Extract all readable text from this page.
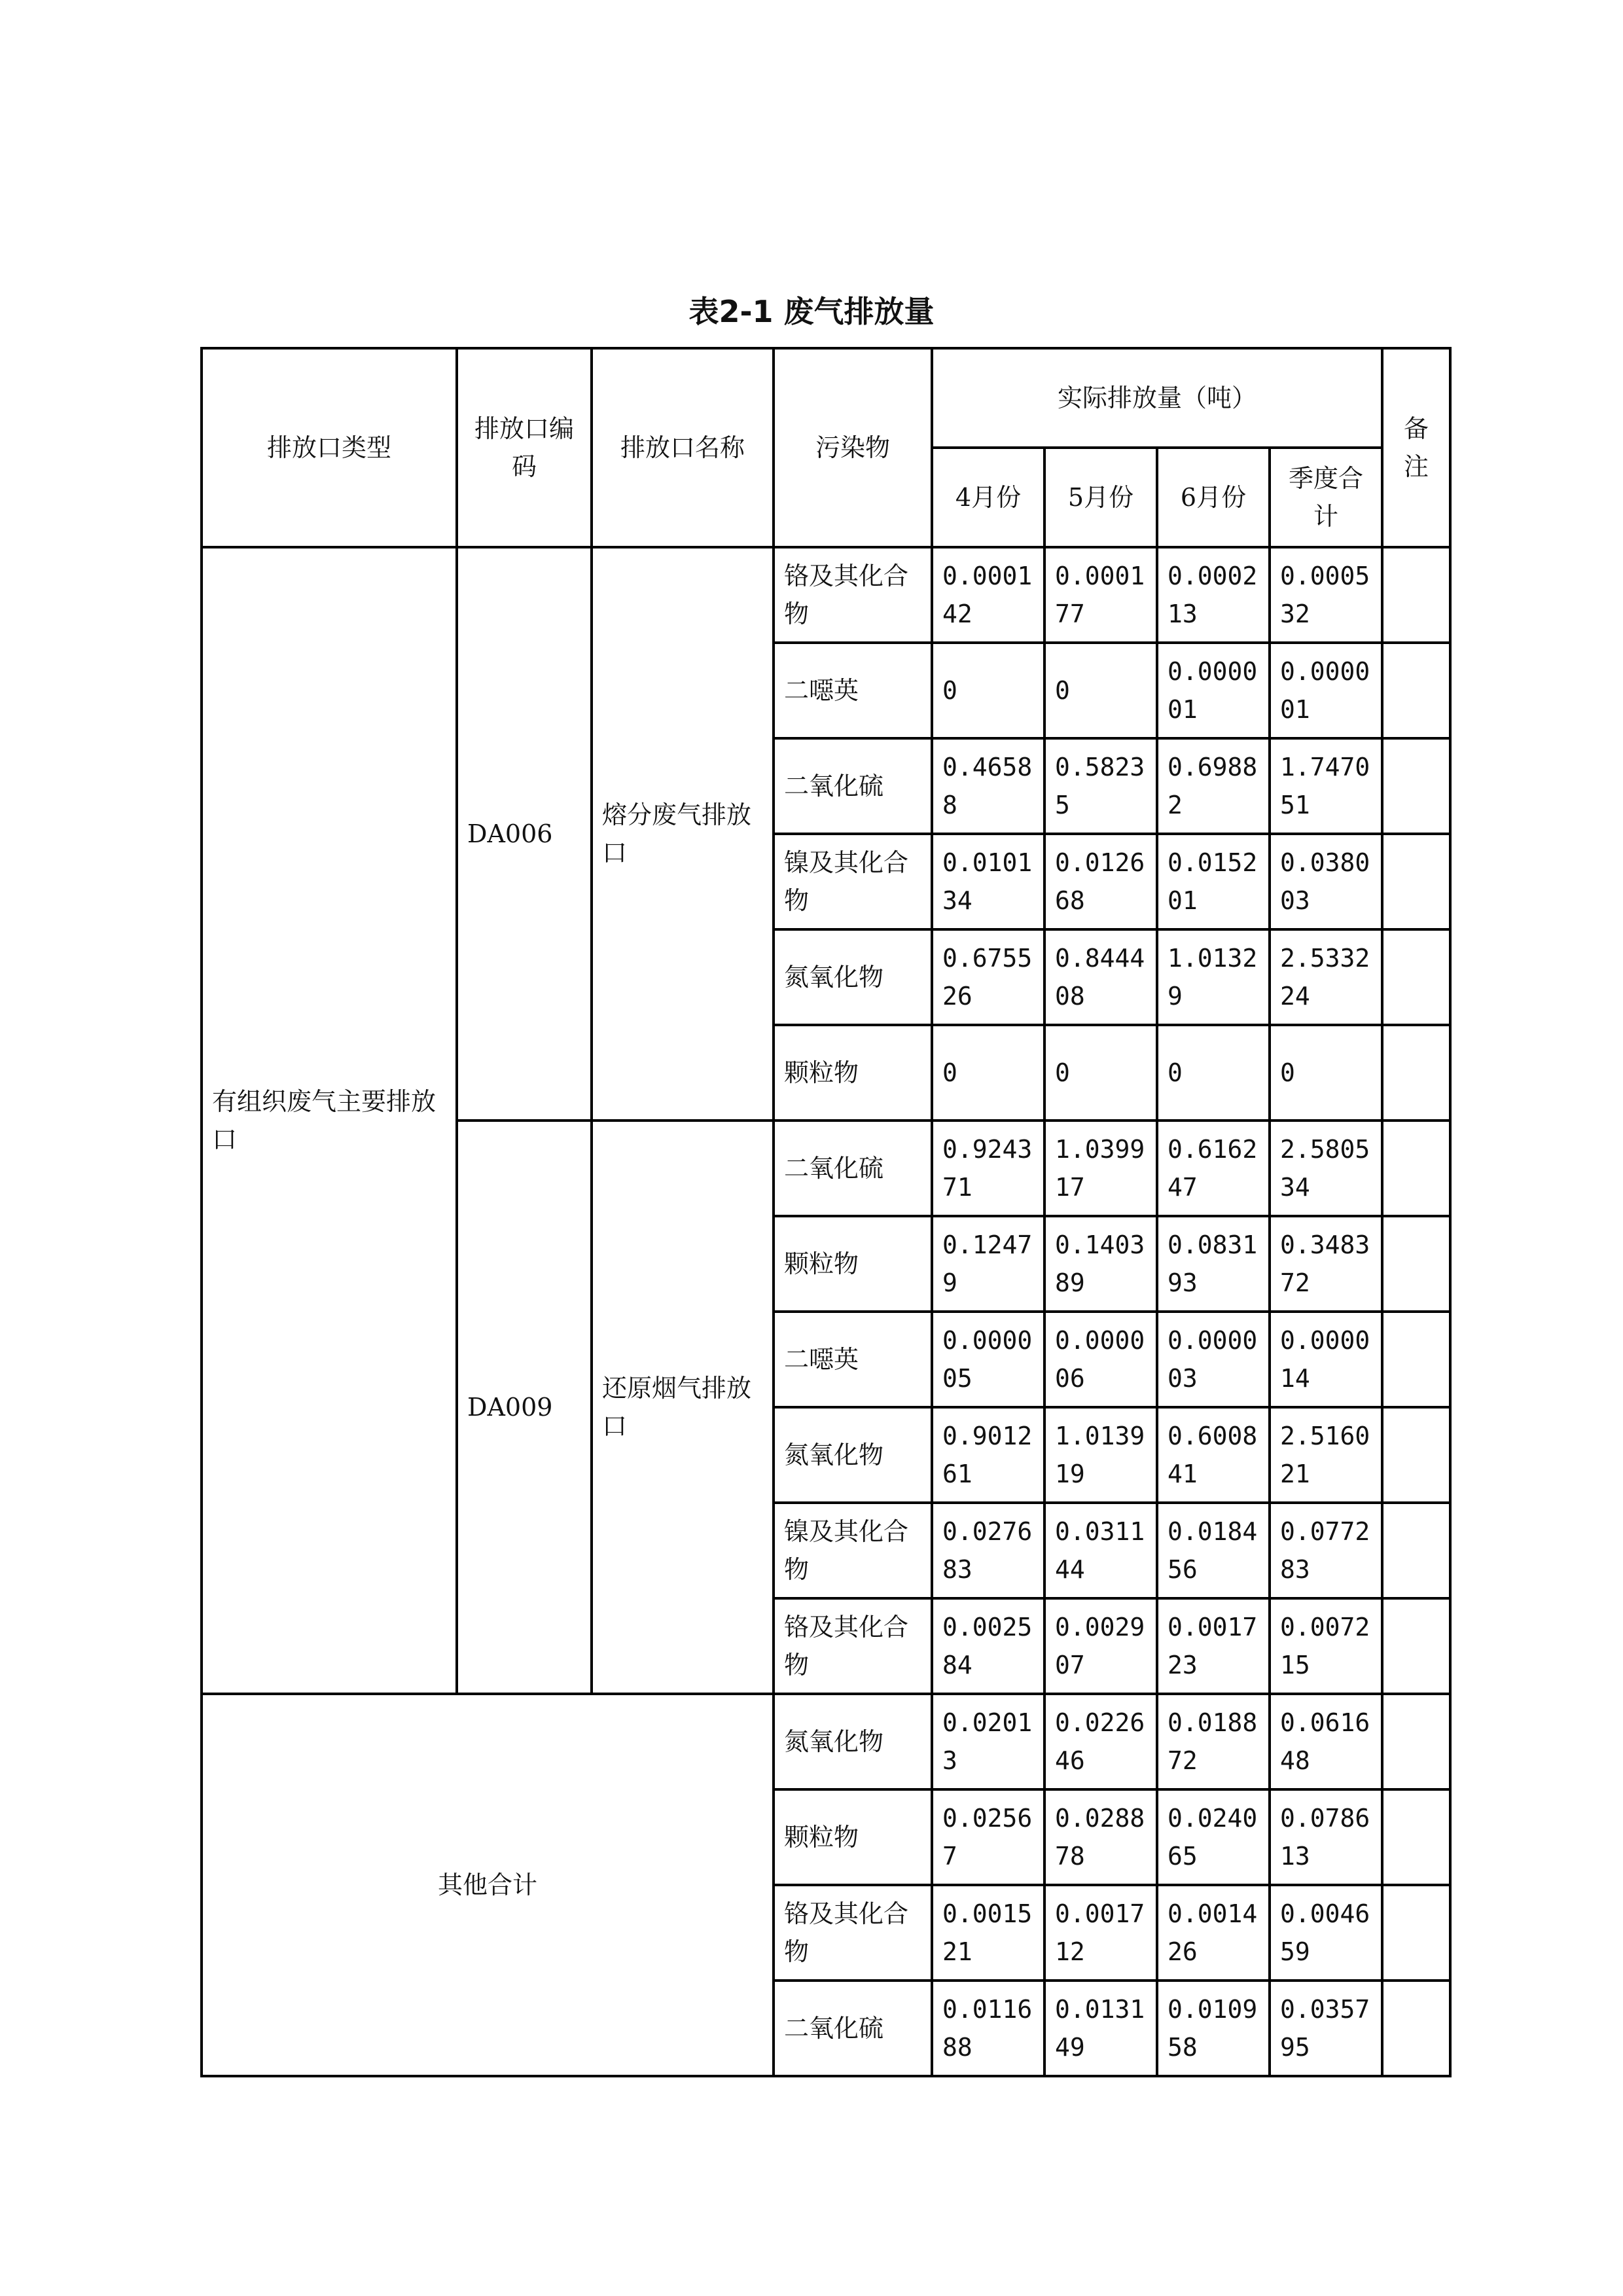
表2-1 废气排放量
排放口类型	排放口编码	排放口名称	污染物	实际排放量（吨）				备注
				4月份	5月份	6月份	季度合计	
有组织废气主要排放口	DA006	熔分废气排放口	铬及其化合物	0.000142	0.000177	0.000213	0.000532	
			二噁英	0	0	0.000001	0.000001	
			二氧化硫	0.46588	0.58235	0.69882	1.747051	
			镍及其化合物	0.010134	0.012668	0.015201	0.038003	
			氮氧化物	0.675526	0.844408	1.01329	2.533224	
			颗粒物	0	0	0	0	
	DA009	还原烟气排放口	二氧化硫	0.924371	1.039917	0.616247	2.580534	
			颗粒物	0.12479	0.140389	0.083193	0.348372	
			二噁英	0.000005	0.000006	0.000003	0.000014	
			氮氧化物	0.901261	1.013919	0.600841	2.516021	
			镍及其化合物	0.027683	0.031144	0.018456	0.077283	
			铬及其化合物	0.002584	0.002907	0.001723	0.007215	
其他合计			氮氧化物	0.02013	0.022646	0.018872	0.061648	
			颗粒物	0.02567	0.028878	0.024065	0.078613	
			铬及其化合物	0.001521	0.001712	0.001426	0.004659	
			二氧化硫	0.011688	0.013149	0.010958	0.035795	
